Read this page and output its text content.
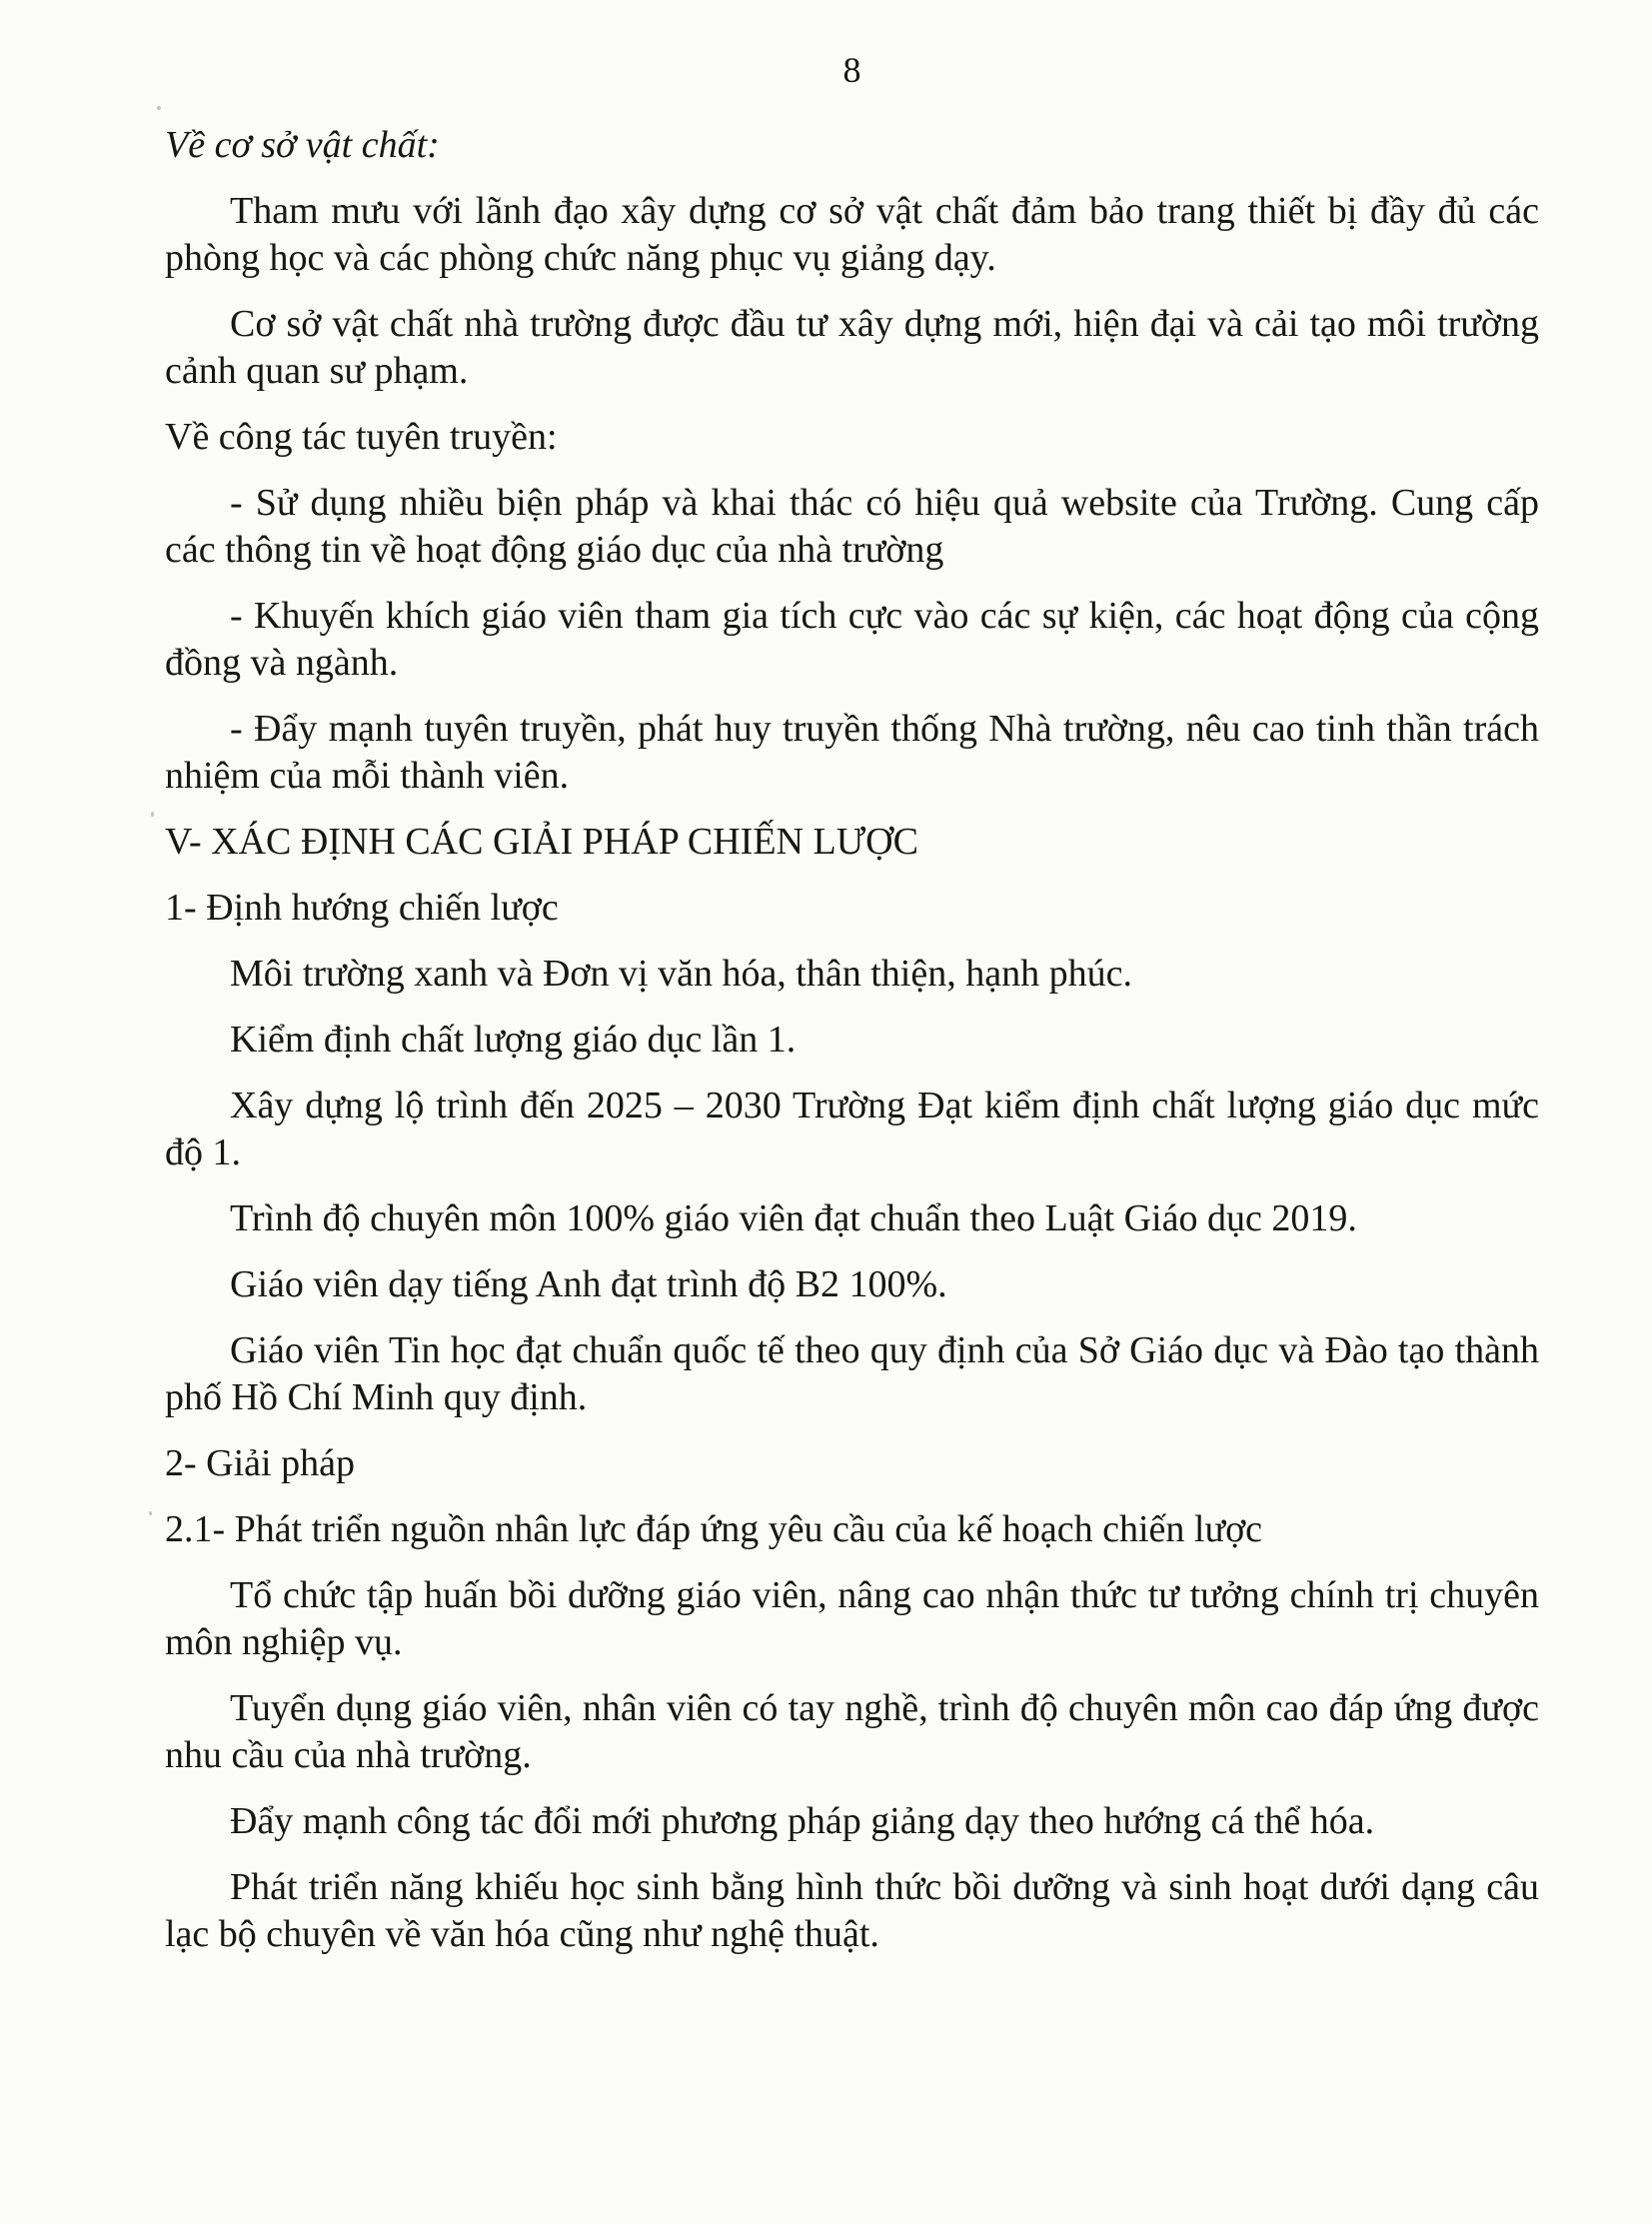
8
Về cơ sở vật chất:

Tham mưu với lãnh đạo xây dựng cơ sở vật chất đảm bảo trang thiết bị đầy đủ các phòng học và các phòng chức năng phục vụ giảng dạy.

Cơ sở vật chất nhà trường được đầu tư xây dựng mới, hiện đại và cải tạo môi trường cảnh quan sư phạm.

Về công tác tuyên truyền:

- Sử dụng nhiều biện pháp và khai thác có hiệu quả website của Trường. Cung cấp các thông tin về hoạt động giáo dục của nhà trường

- Khuyến khích giáo viên tham gia tích cực vào các sự kiện, các hoạt động của cộng đồng và ngành.

- Đẩy mạnh tuyên truyền, phát huy truyền thống Nhà trường, nêu cao tinh thần trách nhiệm của mỗi thành viên.

V- XÁC ĐỊNH CÁC GIẢI PHÁP CHIẾN LƯỢC
1- Định hướng chiến lược

Môi trường xanh và Đơn vị văn hóa, thân thiện, hạnh phúc.

Kiểm định chất lượng giáo dục lần 1.

Xây dựng lộ trình đến 2025 – 2030 Trường Đạt kiểm định chất lượng giáo dục mức độ 1.

Trình độ chuyên môn 100% giáo viên đạt chuẩn theo Luật Giáo dục 2019.

Giáo viên dạy tiếng Anh đạt trình độ B2 100%.

Giáo viên Tin học đạt chuẩn quốc tế theo quy định của Sở Giáo dục và Đào tạo thành phố Hồ Chí Minh quy định.

2- Giải pháp
2.1- Phát triển nguồn nhân lực đáp ứng yêu cầu của kế hoạch chiến lược

Tổ chức tập huấn bồi dưỡng giáo viên, nâng cao nhận thức tư tưởng chính trị chuyên môn nghiệp vụ.

Tuyển dụng giáo viên, nhân viên có tay nghề, trình độ chuyên môn cao đáp ứng được nhu cầu của nhà trường.

Đẩy mạnh công tác đổi mới phương pháp giảng dạy theo hướng cá thể hóa.

Phát triển năng khiếu học sinh bằng hình thức bồi dưỡng và sinh hoạt dưới dạng câu lạc bộ chuyên về văn hóa cũng như nghệ thuật.
